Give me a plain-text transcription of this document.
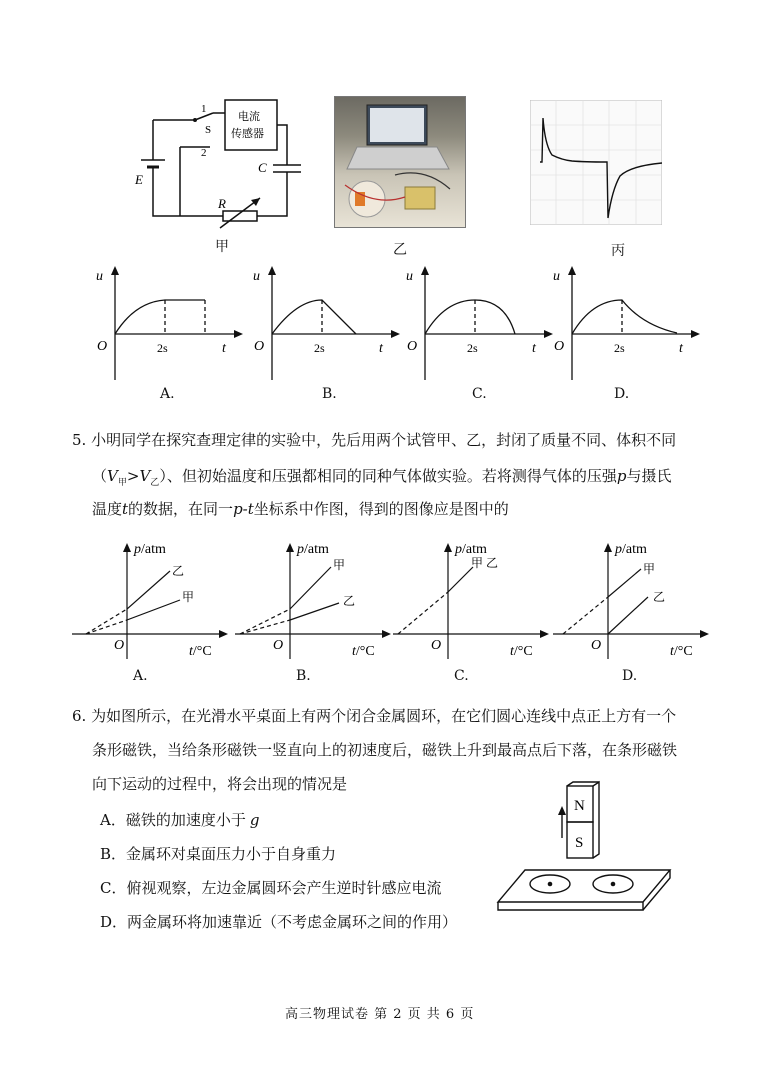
1
2
S
电流
传感器
E
C
R
甲	乙	丙
u
O	2s	t
A.
u
O	2s	t
B.
u
O	2s	t
C.
u
O	2s	t
D.
5. 小明同学在探究查理定律的实验中，先后用两个试管甲、乙，封闭了质量不同、体积不同
$(V_甲>V_乙)$、但初始温度和压强都相同的同种气体做实验。若将测得气体的压强p与摄氏
温度t的数据，在同一p-t坐标系中作图，得到的图像应是图中的
p/atm
乙
甲
O	t/°C
A.
p/atm
甲
乙
O	t/°C
B.
p/atm
甲 乙
O	t/°C
C.
p/atm
甲
乙
O	t/°C
D.
6. 为如图所示，在光滑水平桌面上有两个闭合金属圆环，在它们圆心连线中点正上方有一个
条形磁铁，当给条形磁铁一竖直向上的初速度后，磁铁上升到最高点后下落，在条形磁铁
向下运动的过程中，将会出现的情况是
A．磁铁的加速度小于 g
B．金属环对桌面压力小于自身重力
C．俯视观察，左边金属圆环会产生逆时针感应电流
D．两金属环将加速靠近（不考虑金属环之间的作用）
N
S
高三物理试卷 第 2 页 共 6 页
